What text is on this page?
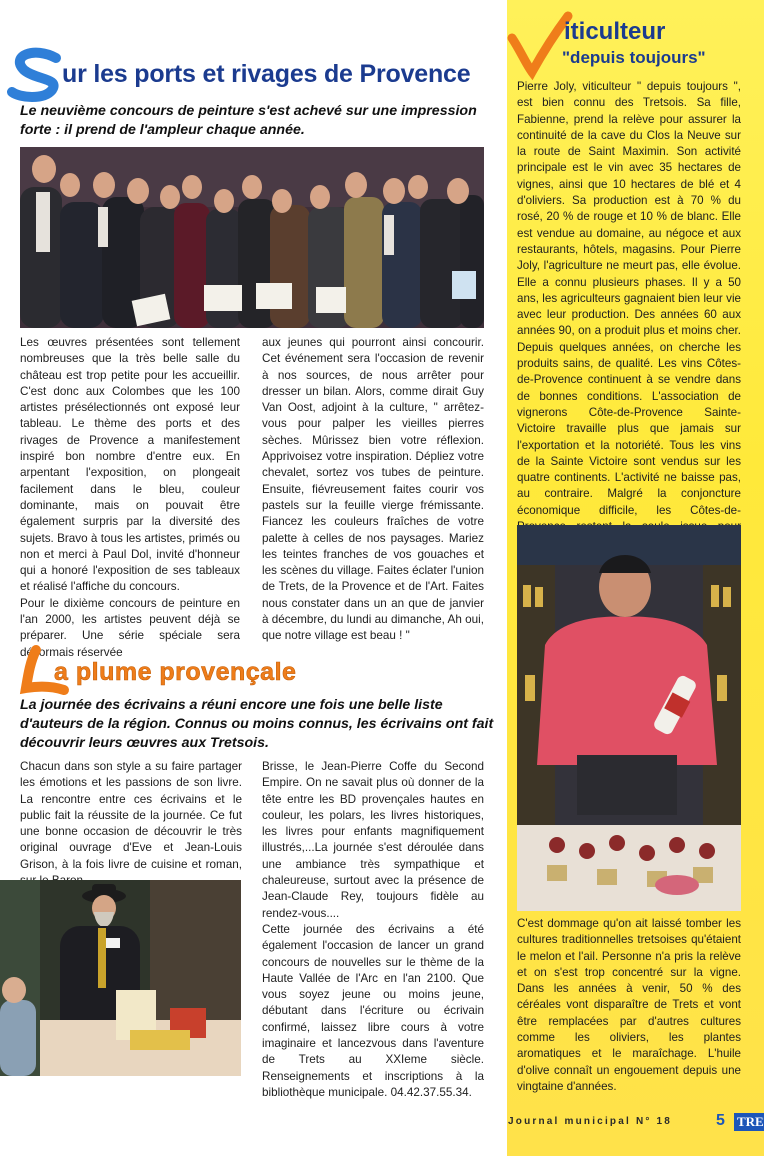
ur les ports et rivages de Provence
Le neuvième concours de peinture s'est achevé sur une impression forte : il prend de l'ampleur chaque année.
Les œuvres présentées sont tellement nombreuses que la très belle salle du château est trop petite pour les accueillir. C'est donc aux Colombes que les 100 artistes présélectionnés ont exposé leur tableau. Le thème des ports et des rivages de Provence a manifestement inspiré bon nombre d'entre eux. En arpentant l'exposition, on plongeait facilement dans le bleu, couleur dominante, mais on pouvait être également surpris par la diversité des sujets. Bravo à tous les artistes, primés ou non et merci à Paul Dol, invité d'honneur qui a honoré l'exposition de ses tableaux et réalisé l'affiche du concours.
Pour le dixième concours de peinture en l'an 2000, les artistes peuvent déjà se préparer. Une série spéciale sera désormais réservée
aux jeunes qui pourront ainsi concourir. Cet événement sera l'occasion de revenir à nos sources, de nous arrêter pour dresser un bilan. Alors, comme dirait Guy Van Oost, adjoint à la culture, " arrêtez-vous pour palper les vieilles pierres sèches. Mûrissez bien votre réflexion. Apprivoisez votre inspiration. Dépliez votre chevalet, sortez vos tubes de peinture. Ensuite, fiévreusement faites courir vos pastels sur la feuille vierge frémissante. Fiancez les couleurs fraîches de votre palette à celles de nos paysages. Mariez les teintes franches de vos gouaches et les scènes du village. Faites éclater l'union de Trets, de la Provence et de l'Art. Faites nous constater dans un an que de janvier à décembre, du lundi au dimanche, Ah oui, que notre village est beau ! "
a plume provençale
La journée des écrivains a réuni encore une fois une belle liste d'auteurs de la région. Connus ou moins connus, les écrivains ont fait découvrir leurs œuvres aux Tretsois.
Chacun dans son style a su faire partager les émotions et les passions de son livre. La rencontre entre ces écrivains et le public fait la réussite de la journée. Ce fut une bonne occasion de découvrir le très original ouvrage d'Eve et Jean-Louis Grison, à la fois livre de cuisine et roman,
Brisse, le Jean-Pierre Coffe du Second Empire. On ne savait plus où donner de la tête entre les BD provençales hautes en couleur, les polars, les livres historiques, les livres pour enfants magnifiquement illustrés,...La journée s'est déroulée dans une ambiance très sympathique et chaleureuse, surtout avec la présence de Jean-Claude Rey, toujours fidèle au rendez-vous....
Cette journée des écrivains a été également l'occasion de lancer un grand concours de nouvelles sur le thème de la Haute Vallée de l'Arc en l'an 2100. Que vous soyez jeune ou moins jeune, débutant dans l'écriture ou écrivain confirmé, laissez libre cours à votre imaginaire et lancezvous dans l'aventure de Trets au XXIeme siècle. Renseignements et inscriptions à la bibliothèque municipale. 04.42.37.55.34.
iticulteur
"depuis toujours"
Pierre Joly, viticulteur " depuis toujours ", est bien connu des Tretsois. Sa fille, Fabienne, prend la relève pour assurer la continuité de la cave du Clos la Neuve sur la route de Saint Maximin. Son activité principale est le vin avec 35 hectares de vignes, ainsi que 10 hectares de blé et 4 d'oliviers. Sa production est à 70 % du rosé, 20 % de rouge et 10 % de blanc. Elle est vendue au domaine, au négoce et aux restaurants, hôtels, magasins. Pour Pierre Joly, l'agriculture ne meurt pas, elle évolue. Elle a connu plusieurs phases. Il y a 50 ans, les agriculteurs gagnaient bien leur vie avec leur production. Des années 60 aux années 90, on a produit plus et moins cher. Depuis quelques années, on cherche les produits sains, de qualité. Les vins Côtes-de-Provence continuent à se vendre dans de bonnes conditions. L'association de vignerons Côte-de-Provence Sainte-Victoire travaille plus que jamais sur l'exportation et la notoriété. Tous les vins de la Sainte Victoire sont vendus sur les quatre continents. L'activité ne baisse pas, au contraire. Malgré la conjoncture économique difficile, les Côtes-de-
C'est dommage qu'on ait laissé tomber les cultures traditionnelles tretsoises qu'étaient le melon et l'ail. Personne n'a pris la relève et on s'est trop concentré sur la vigne. Dans les années à venir, 50 % des céréales vont disparaître de Trets et vont être remplacées par d'autres cultures comme les oliviers, les plantes aromatiques et le maraîchage. L'huile d'olive connaît un engouement depuis une vingtaine d'années.
Journal municipal N° 18	5 TRET
